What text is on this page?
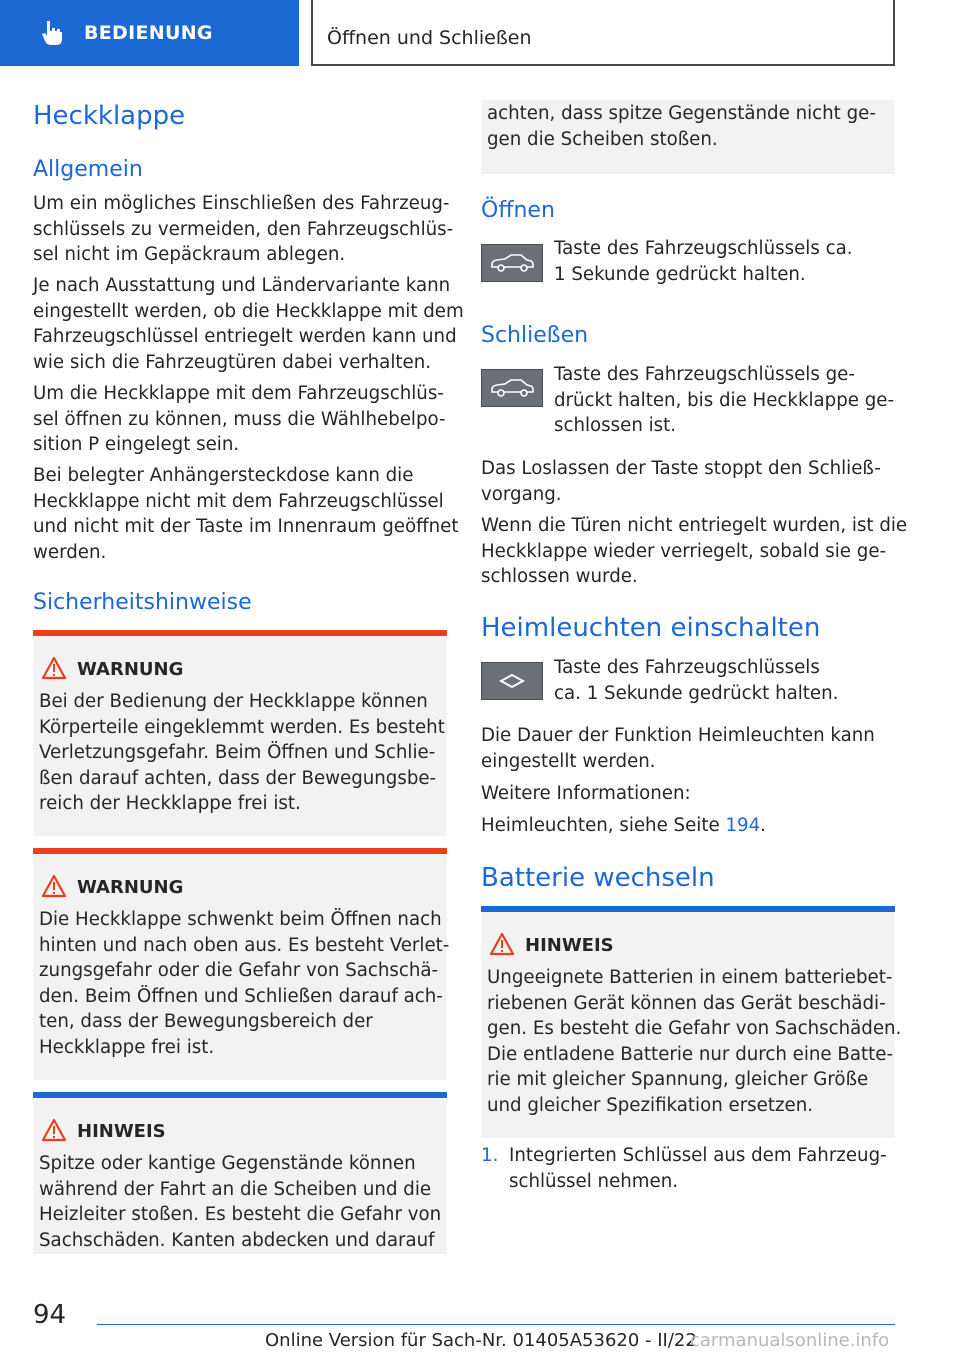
BEDIENUNG	Öffnen und Schließen
Heckklappe
Allgemein
Um ein mögliches Einschließen des Fahrzeug-
schlüssels zu vermeiden, den Fahrzeugschlüs-
sel nicht im Gepäckraum ablegen.
Je nach Ausstattung und Ländervariante kann
eingestellt werden, ob die Heckklappe mit dem
Fahrzeugschlüssel entriegelt werden kann und
wie sich die Fahrzeugtüren dabei verhalten.
Um die Heckklappe mit dem Fahrzeugschlüs-
sel öffnen zu können, muss die Wählhebelpo-
sition P eingelegt sein.
Bei belegter Anhängersteckdose kann die
Heckklappe nicht mit dem Fahrzeugschlüssel
und nicht mit der Taste im Innenraum geöffnet
werden.
Sicherheitshinweise
WARNUNG
Bei der Bedienung der Heckklappe können
Körperteile eingeklemmt werden. Es besteht
Verletzungsgefahr. Beim Öffnen und Schlie-
ßen darauf achten, dass der Bewegungsbe-
reich der Heckklappe frei ist.
WARNUNG
Die Heckklappe schwenkt beim Öffnen nach
hinten und nach oben aus. Es besteht Verlet-
zungsgefahr oder die Gefahr von Sachschä-
den. Beim Öffnen und Schließen darauf ach-
ten, dass der Bewegungsbereich der
Heckklappe frei ist.
HINWEIS
Spitze oder kantige Gegenstände können
während der Fahrt an die Scheiben und die
Heizleiter stoßen. Es besteht die Gefahr von
Sachschäden. Kanten abdecken und darauf
achten, dass spitze Gegenstände nicht ge-
gen die Scheiben stoßen.
Öffnen
Taste des Fahrzeugschlüssels ca.
1 Sekunde gedrückt halten.
Schließen
Taste des Fahrzeugschlüssels ge-
drückt halten, bis die Heckklappe ge-
schlossen ist.
Das Loslassen der Taste stoppt den Schließ-
vorgang.
Wenn die Türen nicht entriegelt wurden, ist die
Heckklappe wieder verriegelt, sobald sie ge-
schlossen wurde.
Heimleuchten einschalten
Taste des Fahrzeugschlüssels
ca. 1 Sekunde gedrückt halten.
Die Dauer der Funktion Heimleuchten kann
eingestellt werden.
Weitere Informationen:
Heimleuchten, siehe Seite 194.
Batterie wechseln
HINWEIS
Ungeeignete Batterien in einem batteriebet-
riebenen Gerät können das Gerät beschädi-
gen. Es besteht die Gefahr von Sachschäden.
Die entladene Batterie nur durch eine Batte-
rie mit gleicher Spannung, gleicher Größe
und gleicher Spezifikation ersetzen.
1. Integrierten Schlüssel aus dem Fahrzeug-
schlüssel nehmen.
94
Online Version für Sach-Nr. 01405A53620 - II/22
carmanualsonline.info
